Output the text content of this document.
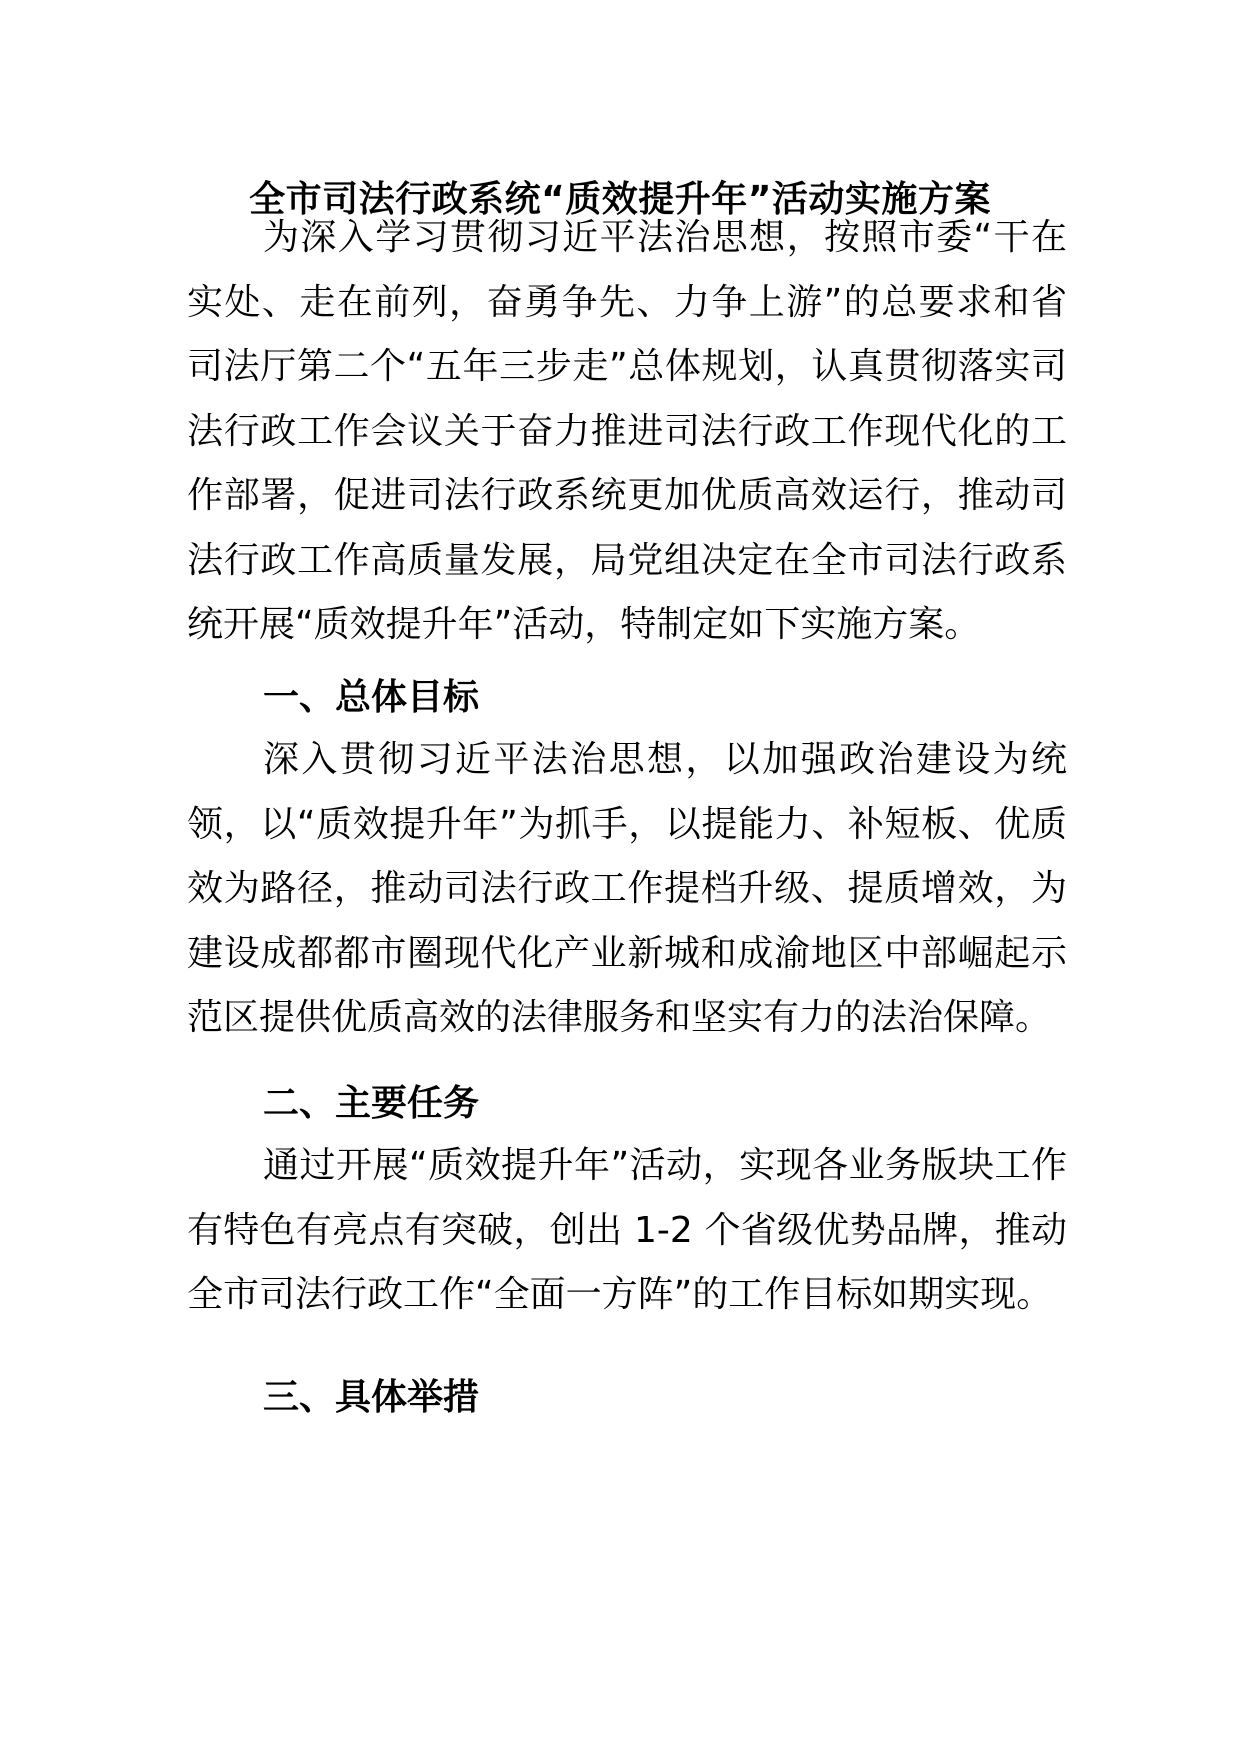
全市司法行政系统“质效提升年”活动实施方案

为深入学习贯彻习近平法治思想，按照市委“干在实处、走在前列，奋勇争先、力争上游”的总要求和省司法厅第二个“五年三步走”总体规划，认真贯彻落实司法行政工作会议关于奋力推进司法行政工作现代化的工作部署，促进司法行政系统更加优质高效运行，推动司法行政工作高质量发展，局党组决定在全市司法行政系统开展“质效提升年”活动，特制定如下实施方案。

一、总体目标

深入贯彻习近平法治思想，以加强政治建设为统领，以“质效提升年”为抓手，以提能力、补短板、优质效为路径，推动司法行政工作提档升级、提质增效，为建设成都都市圈现代化产业新城和成渝地区中部崛起示范区提供优质高效的法律服务和坚实有力的法治保障。

二、主要任务

通过开展“质效提升年”活动，实现各业务版块工作有特色有亮点有突破，创出 1-2 个省级优势品牌，推动全市司法行政工作“全面一方阵”的工作目标如期实现。

三、具体举措
